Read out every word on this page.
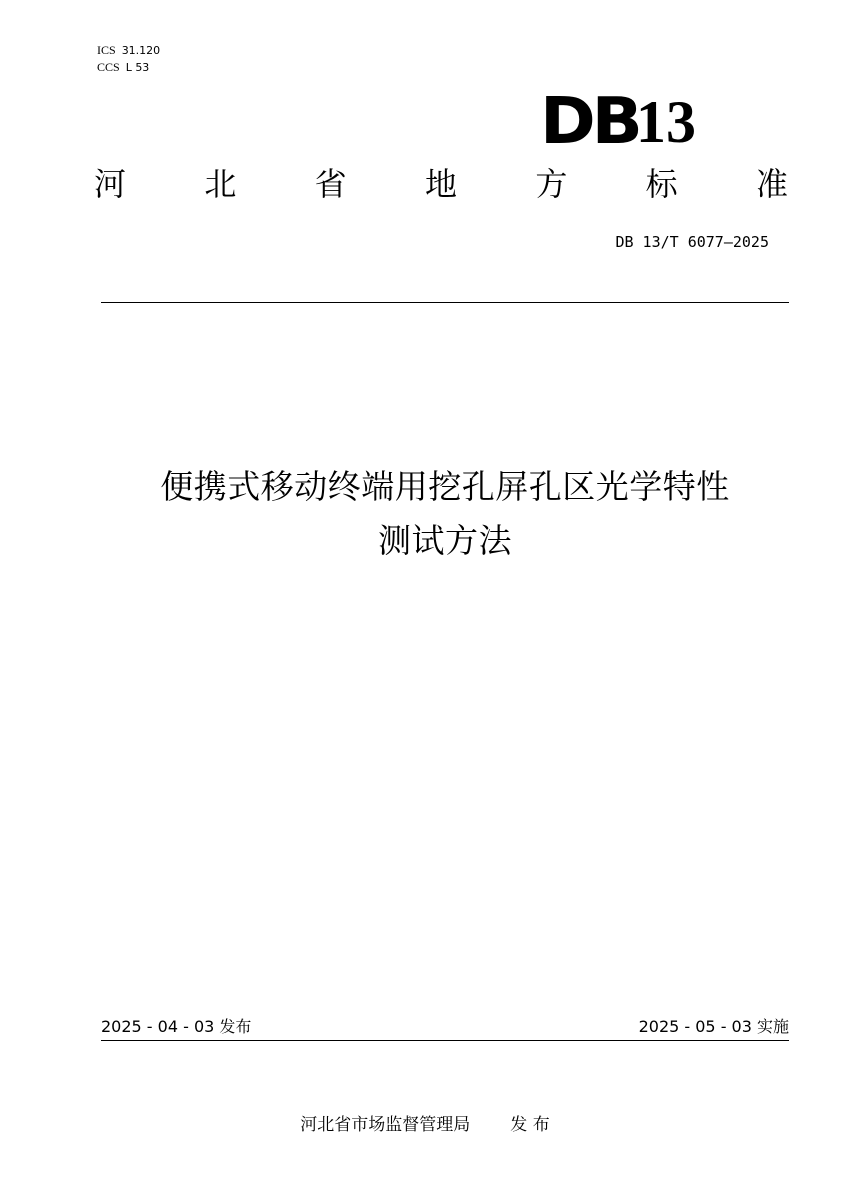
ICS 31.120
CCS L 53
DB
13
河 北 省 地 方 标 准
DB 13/T 6077—2025
便携式移动终端用挖孔屏孔区光学特性
测试方法
2025 - 04 - 03 发布	2025 - 05 - 03 实施
河北省市场监督管理局 发 布
